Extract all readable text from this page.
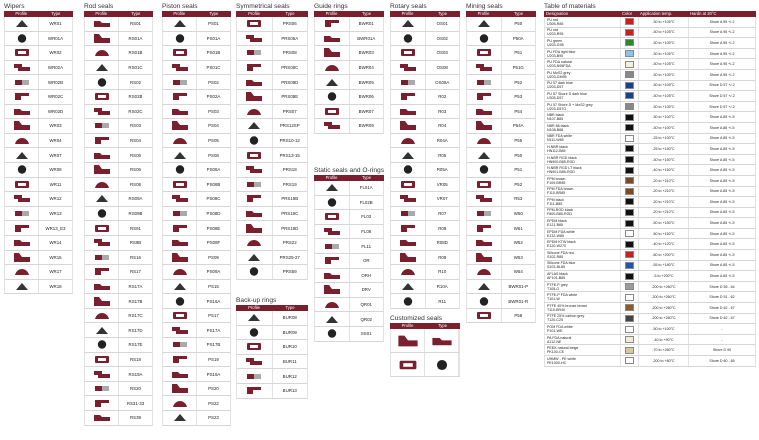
Wipers
Profile	Type
WR01
WR01A
WR02
WR02A
WR02B
WR02C
WR02D
WR03
WR04
WR07
WR08
WR11
WR12
WR13
WR13_E3
WR14
WR15
WR17
WR18
Rod seals
Profile	Type
RS01
RS01A
RS01B
RS01C
RS02
RS02B
RS02C
RS03
RS04
RS05
RS06
RS08
RS09A
RS09B
RS91
RS9B
RS16
RS17
RS17A
RS17B
RS17C
RS17D
RS17E
RS18
RS19A
RS20
RS31-33
RS39
Piston seals
Profile	Type
PS01
PS01A
PS01B
PS01C
PS02
PS02A
PS03
PS04
PS05
PS08
PS08A
PS08B
PS08C
PS08D
PS08E
PS08F
PS09
PS09A
PS15
PS16A
PS17
PS17A
PS17B
PS19
PS19A
PS20
PS22
PS23
Symmetrical seals
Profile	Type
PRS06
PRS06A
PRS08
PRS08C
PRS08D
PRS08E
PRS07
PRS12SP
PRS10-12
PRS13-15
PRS18
PRS19
PRS19B
PRS19C
PRS19D
PRS22
PRS25-27
PRS59
Back-up rings
Profile	Type
BUR08
BUR09
BUR10
BUR11
BUR12
BUR13
Guide rings
Profile	Type
BWR01
BWR01A
BWR03
BWR04
BWR05
BWR06
BWR07
BWR09
Static seals and O-rings
Profile	Type
FL01A
FL02B
FL03
FL08
FL11
OR
ORH
DRV
QR01
QR02
SS01
Rotary seals
Profile	Type
OS01
OS02
OS03
OS08
OS08A
R02
R03
R04
R04A
R05
R05A
VR05
VR07
R07
R08
R08D
R09
R10
R10A
R11
Customized seals
Profile	Type
Mining seals
Profile	Type
P50
P50A
P51
P51G
P52
P53
P54
P54A
P55
P50
P51
P52
R53
W50
W51
W52
W53
W54
BWR01-P
BWR01-R
P58
Table of materials
Designation	Color	Application temp.	Hardn at 20°C
PU red
U305-R85	-30 to +105°C	Shore A 95 +/-2
PU red
U203-R95	-30 to +105°C	Shore A 95 +/-2
PU green
U203-G95	-30 to +105°C	Shore A 95 +/-2
PU FDA light blue
U203-B95	-30 to +105°C	Shore A 95 +/-2
PU FDA natural
U203-N95FDA	-30 to +105°C	Shore A 95 +/-2
PU MoS2 grey
U203-GM95	-30 to +105°C	Shore A 95 +/-2
PU 57 dark blue
U203-D57	-30 to +105°C	Shore D 57 +/-2
PU 57 Shore D dark blue
U305-D57	-30 to +105°C	Shore D 57 +/-2
PU 57 Shore D + MoS2 grey
U203-D57G	-30 to +105°C	Shore D 57 +/-2
NBR black
N107-B85	-30 to +100°C	Shore A 85 +/-5
NBR 88 black
N108-B88	-30 to +100°C	Shore A 88 +/-5
NBR FDA white
N111-W85	-25 to +100°C	Shore A 85 +/-5
H-NBR black
HN112-B85	-25 to +150°C	Shore A 85 +/-5
H-NBR RGD black
HN900-B85-RGD	-30 to +150°C	Shore A 85 +/-5
H-NBR RGD LT black
HN901-B85-RGD	-40 to +150°C	Shore A 85 +/-5
FPM brown
F109-BR85	-20 to +210°C	Shore A 85 +/-5
FPM FDA brown
F110-BR85	-20 to +210°C	Shore A 85 +/-5
FPM black
F111-B85	-20 to +210°C	Shore A 85 +/-5
FPM-RGD black
F800-B85-RGD	-20 to +210°C	Shore A 85 +/-5
EPDM black
E121-B85	-50 to +150°C	Shore A 85 +/-5
EPDM FDA white
E132-W85	-50 to +150°C	Shore A 85 +/-5
EPDM KTW black
E120-W270	-40 to +120°C	Shore A 85 +/-5
Silicone FDA red
S102-R85	-60 to +200°C	Shore A 85 +/-5
Silicone FDA blue
S103-BL85	-55 to +180°C	Shore A 85 +/-5
AFLAS black
AF101-B85	-5 to +200°C	Shore A 85 +/-5
PTFE-P grey
T105-G	-200 to +260°C	Shore D 55 - 64
PTFE-P FDA white
T101-W	-200 to +260°C	Shore D 51 - 62
PTFE 40% bronze brown
T110-BR40	-200 to +260°C	Shore D 62 - 67
PTFE 25% carbon grey
T120-C25	-200 to +260°C	Shore D 62 - 67
POM FDA white
P101-WE	-50 to +100°C	-
PA FDA natural
A112-NE	-40 to +90°C	-
PEEK natural beige
PK100-CE	-70 to +260°C	Shore D 90
UHMW - PE white
PE1000-HC	-200 to +80°C	Shore D 60 - 65
